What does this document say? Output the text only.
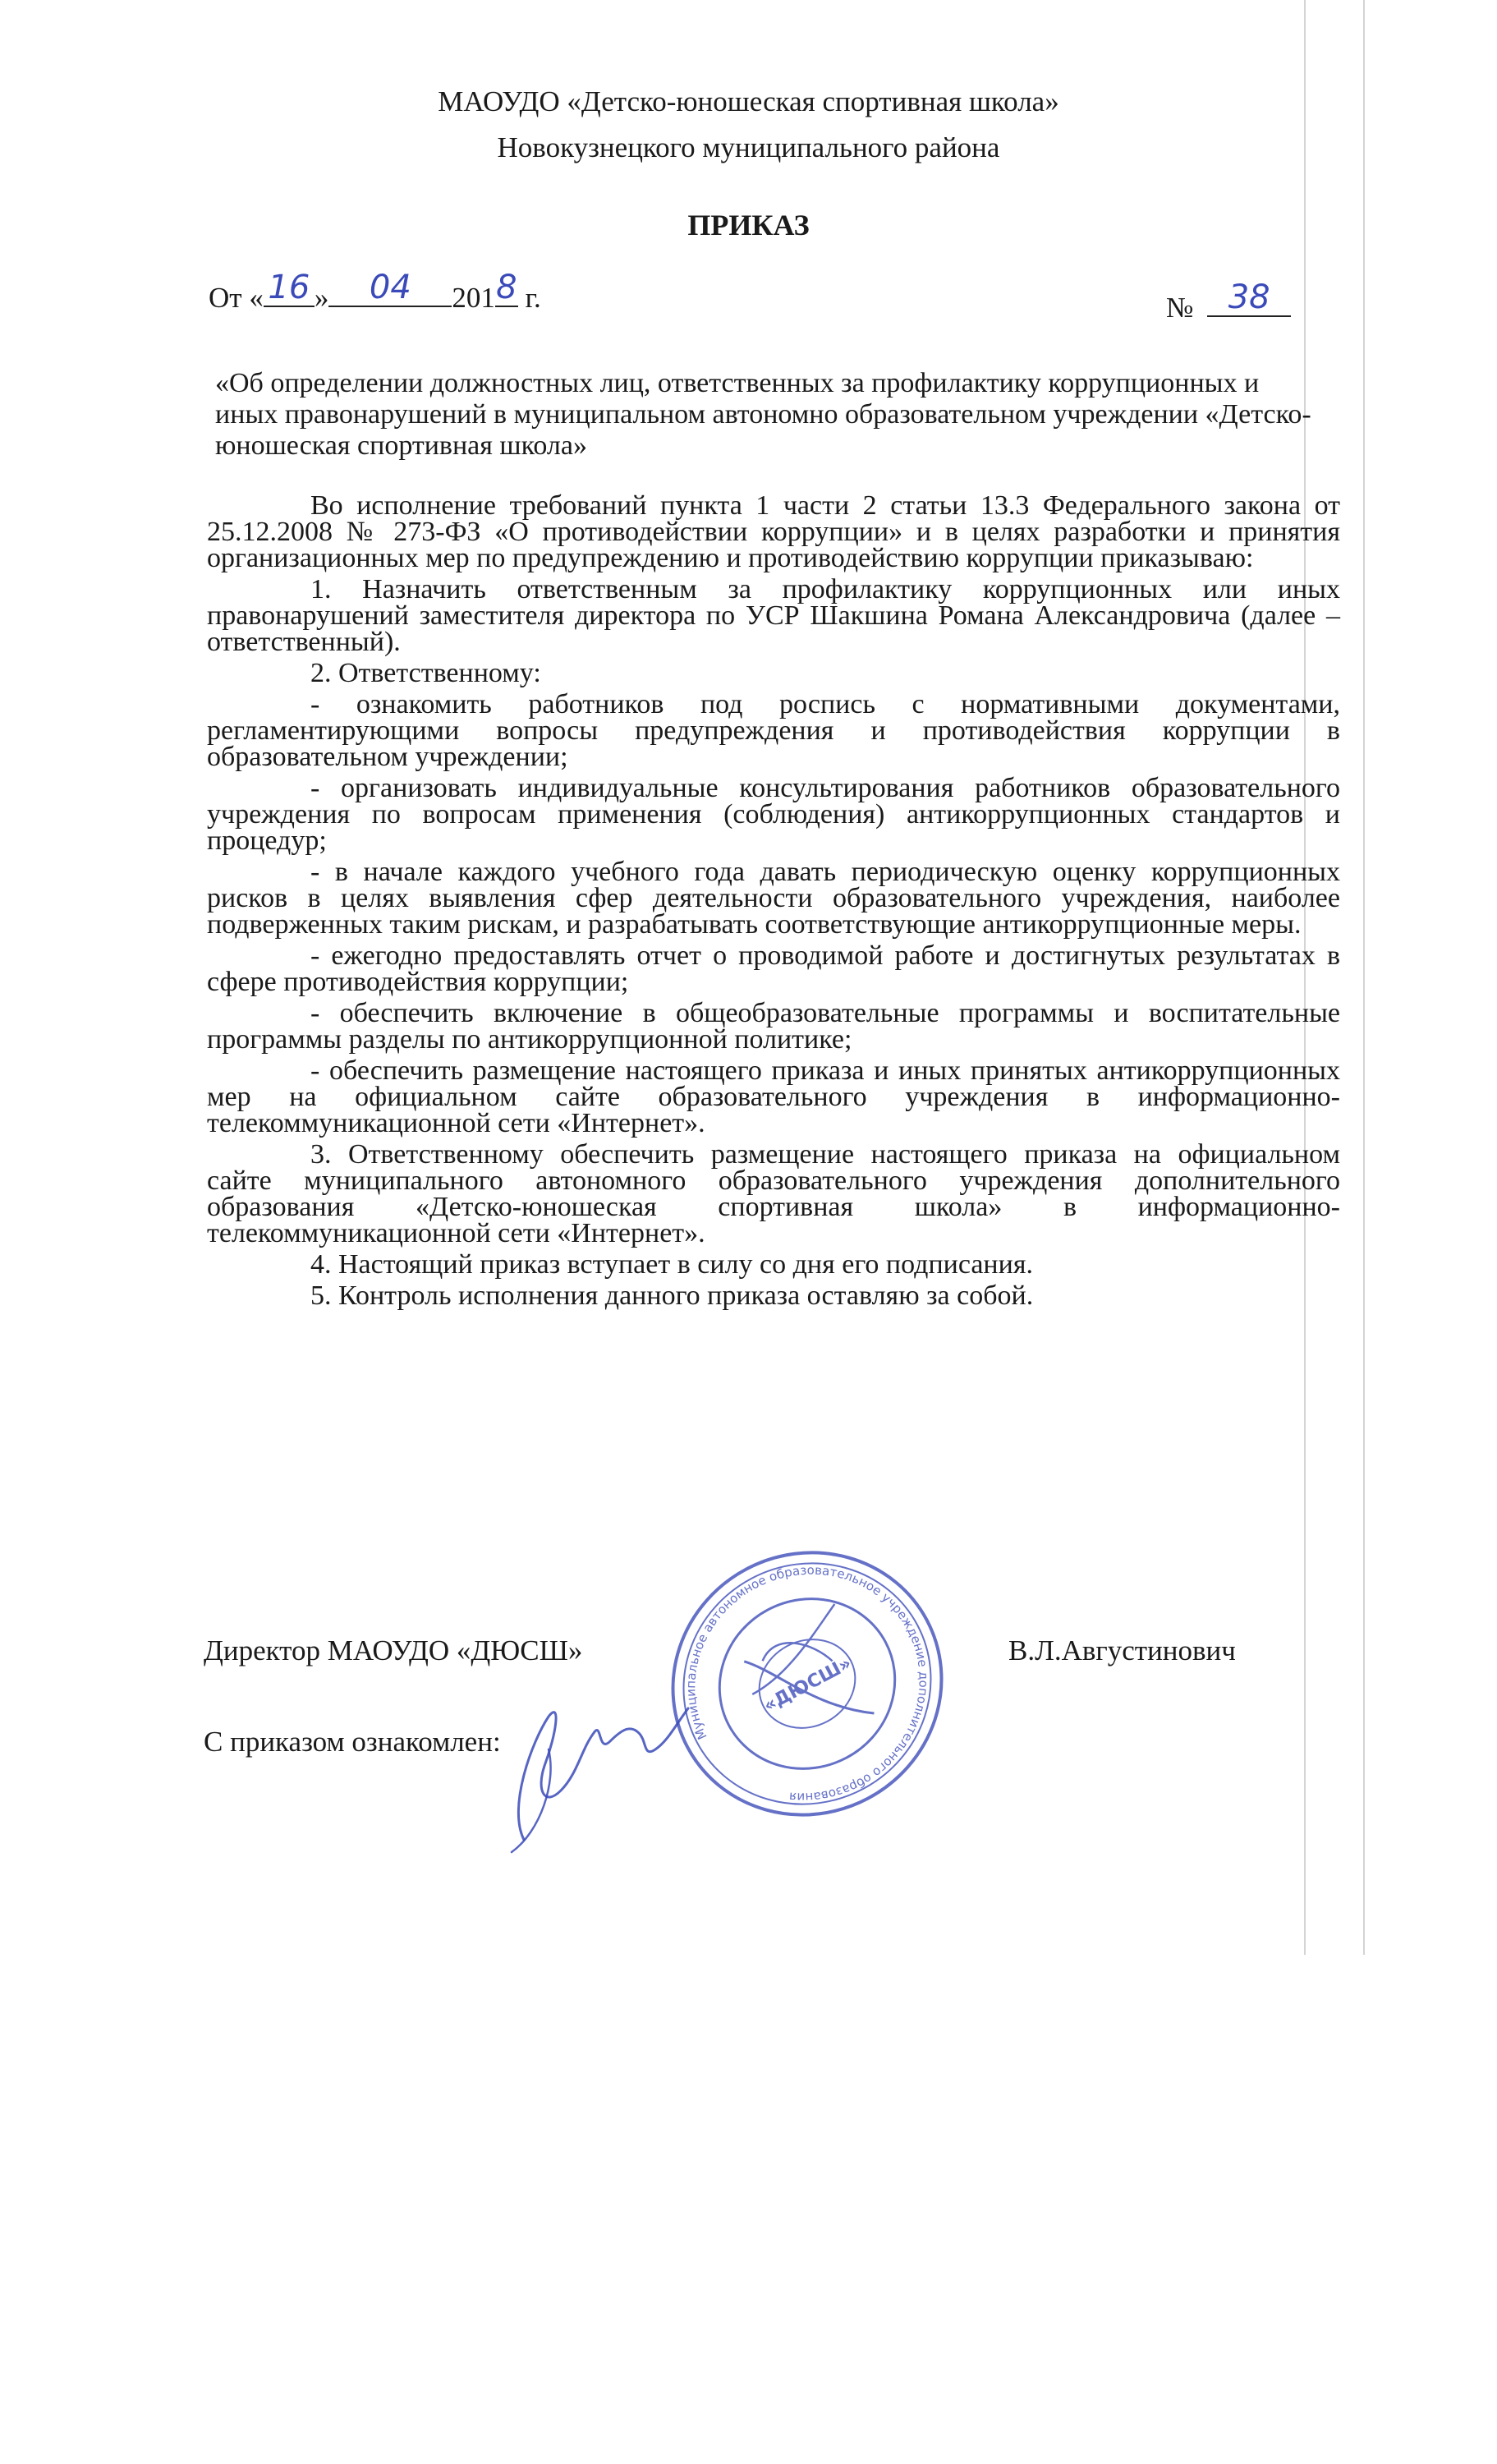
МАОУДО «Детско-юношеская спортивная школа»
Новокузнецкого муниципального района
ПРИКАЗ
От « 16 »	04	201 8 г.	№	38
«Об определении должностных лиц, ответственных за профилактику коррупционных и иных правонарушений в муниципальном автономно образовательном учреждении «Детско-юношеская спортивная школа»

Во исполнение требований пункта 1 части 2 статьи 13.3 Федерального закона от 25.12.2008 № 273-ФЗ «О противодействии коррупции» и в целях разработки и принятия организационных мер по предупреждению и противодействию коррупции приказываю:

1. Назначить ответственным за профилактику коррупционных или иных правонарушений заместителя директора по УСР Шакшина Романа Александровича (далее – ответственный).

2. Ответственному:

- ознакомить работников под роспись с нормативными документами, регламентирующими вопросы предупреждения и противодействия коррупции в образовательном учреждении;

- организовать индивидуальные консультирования работников образовательного учреждения по вопросам применения (соблюдения) антикоррупционных стандартов и процедур;

- в начале каждого учебного года давать периодическую оценку коррупционных рисков в целях выявления сфер деятельности образовательного учреждения, наиболее подверженных таким рискам, и разрабатывать соответствующие антикоррупционные меры.

- ежегодно предоставлять отчет о проводимой работе и достигнутых результатах в сфере противодействия коррупции;

- обеспечить включение в общеобразовательные программы и воспитательные программы разделы по антикоррупционной политике;

- обеспечить размещение настоящего приказа и иных принятых антикоррупционных мер на официальном сайте образовательного учреждения в информационно-телекоммуникационной сети «Интернет».

3. Ответственному обеспечить размещение настоящего приказа на официальном сайте муниципального автономного образовательного учреждения дополнительного образования «Детско-юношеская спортивная школа» в информационно-телекоммуникационной сети «Интернет».

4. Настоящий приказ вступает в силу со дня его подписания.

5. Контроль исполнения данного приказа оставляю за собой.

Директор МАОУДО «ДЮСШ»	В.Л.Августинович
С приказом ознакомлен:	Муниципальное автономное образовательное учреждение дополнительного образования
«ДЮСШ»
